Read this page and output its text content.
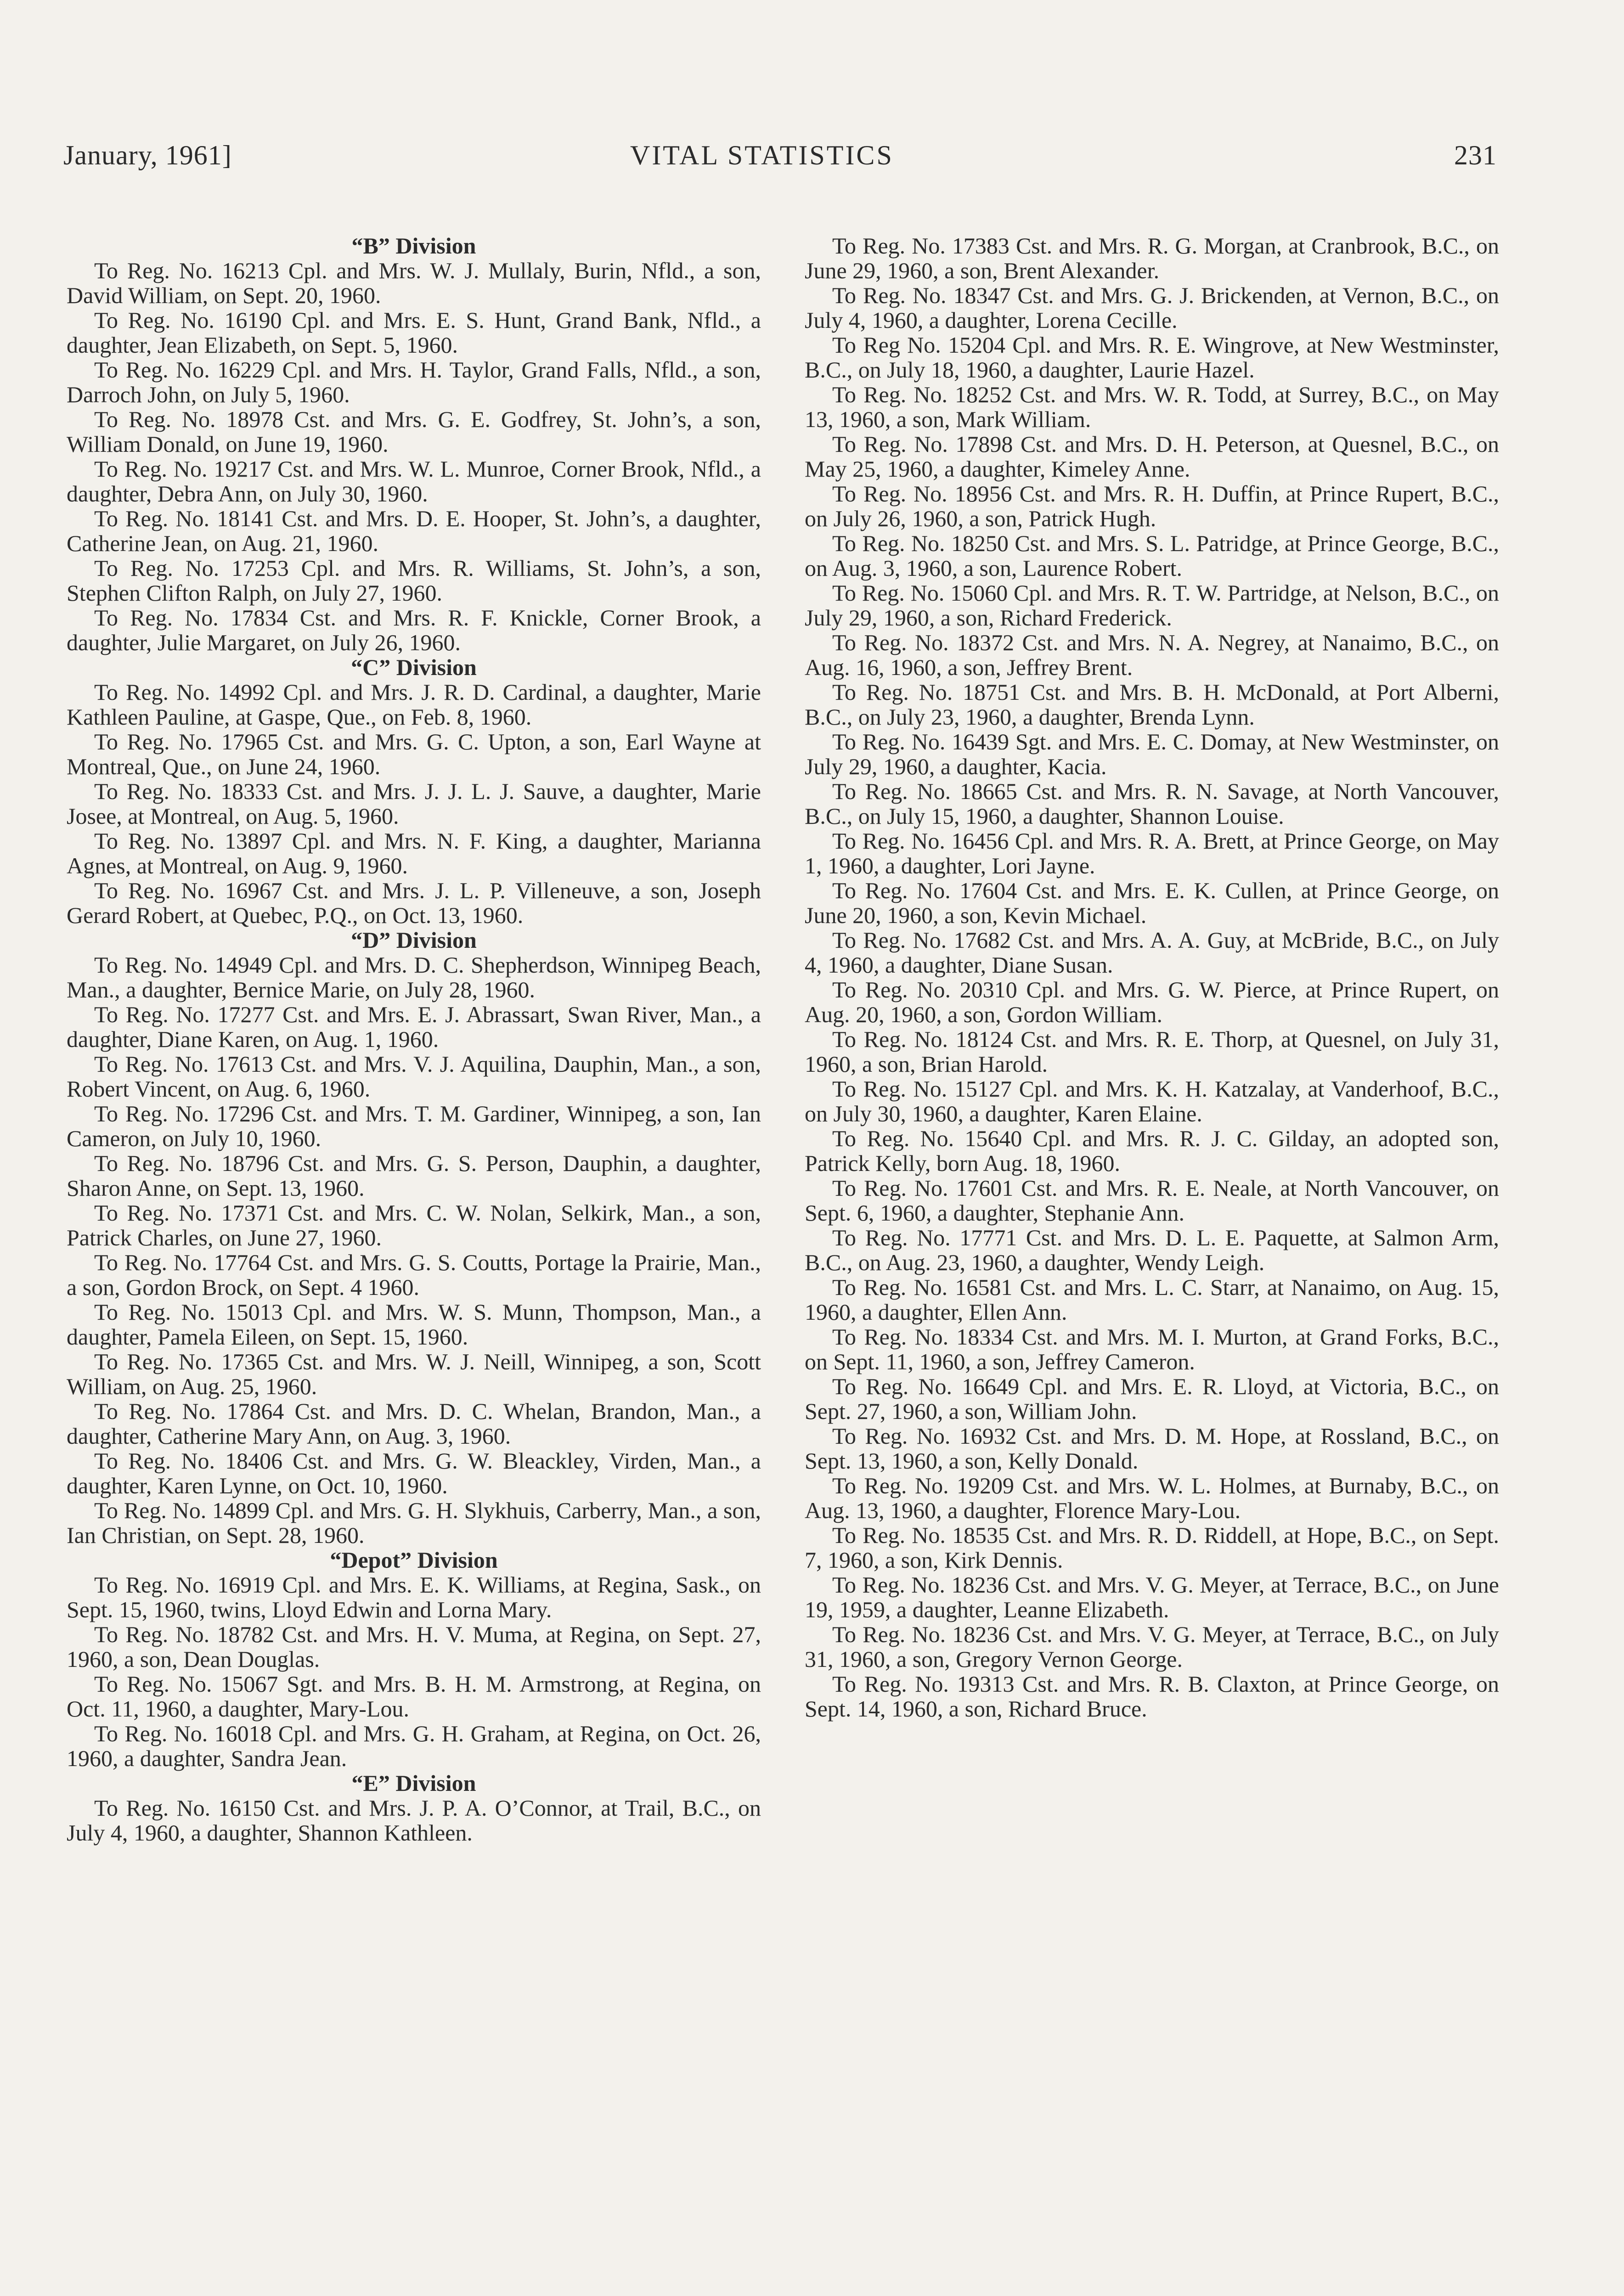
January, 1961]	VITAL STATISTICS	231
“B” Division

To Reg. No. 16213 Cpl. and Mrs. W. J. Mullaly, Burin, Nfld., a son, David William, on Sept. 20, 1960.

To Reg. No. 16190 Cpl. and Mrs. E. S. Hunt, Grand Bank, Nfld., a daughter, Jean Elizabeth, on Sept. 5, 1960.

To Reg. No. 16229 Cpl. and Mrs. H. Taylor, Grand Falls, Nfld., a son, Darroch John, on July 5, 1960.

To Reg. No. 18978 Cst. and Mrs. G. E. Godfrey, St. John’s, a son, William Donald, on June 19, 1960.

To Reg. No. 19217 Cst. and Mrs. W. L. Munroe, Corner Brook, Nfld., a daughter, Debra Ann, on July 30, 1960.

To Reg. No. 18141 Cst. and Mrs. D. E. Hooper, St. John’s, a daughter, Catherine Jean, on Aug. 21, 1960.

To Reg. No. 17253 Cpl. and Mrs. R. Williams, St. John’s, a son, Stephen Clifton Ralph, on July 27, 1960.

To Reg. No. 17834 Cst. and Mrs. R. F. Knickle, Corner Brook, a daughter, Julie Margaret, on July 26, 1960.

“C” Division

To Reg. No. 14992 Cpl. and Mrs. J. R. D. Cardinal, a daughter, Marie Kathleen Pauline, at Gaspe, Que., on Feb. 8, 1960.

To Reg. No. 17965 Cst. and Mrs. G. C. Upton, a son, Earl Wayne at Montreal, Que., on June 24, 1960.

To Reg. No. 18333 Cst. and Mrs. J. J. L. J. Sauve, a daughter, Marie Josee, at Montreal, on Aug. 5, 1960.

To Reg. No. 13897 Cpl. and Mrs. N. F. King, a daughter, Marianna Agnes, at Montreal, on Aug. 9, 1960.

To Reg. No. 16967 Cst. and Mrs. J. L. P. Villeneuve, a son, Joseph Gerard Robert, at Quebec, P.Q., on Oct. 13, 1960.

“D” Division

To Reg. No. 14949 Cpl. and Mrs. D. C. Shepherdson, Winnipeg Beach, Man., a daughter, Bernice Marie, on July 28, 1960.

To Reg. No. 17277 Cst. and Mrs. E. J. Abrassart, Swan River, Man., a daughter, Diane Karen, on Aug. 1, 1960.

To Reg. No. 17613 Cst. and Mrs. V. J. Aquilina, Dauphin, Man., a son, Robert Vincent, on Aug. 6, 1960.

To Reg. No. 17296 Cst. and Mrs. T. M. Gardiner, Winnipeg, a son, Ian Cameron, on July 10, 1960.

To Reg. No. 18796 Cst. and Mrs. G. S. Person, Dauphin, a daughter, Sharon Anne, on Sept. 13, 1960.

To Reg. No. 17371 Cst. and Mrs. C. W. Nolan, Selkirk, Man., a son, Patrick Charles, on June 27, 1960.

To Reg. No. 17764 Cst. and Mrs. G. S. Coutts, Portage la Prairie, Man., a son, Gordon Brock, on Sept. 4 1960.

To Reg. No. 15013 Cpl. and Mrs. W. S. Munn, Thompson, Man., a daughter, Pamela Eileen, on Sept. 15, 1960.

To Reg. No. 17365 Cst. and Mrs. W. J. Neill, Winnipeg, a son, Scott William, on Aug. 25, 1960.

To Reg. No. 17864 Cst. and Mrs. D. C. Whelan, Brandon, Man., a daughter, Catherine Mary Ann, on Aug. 3, 1960.

To Reg. No. 18406 Cst. and Mrs. G. W. Bleackley, Virden, Man., a daughter, Karen Lynne, on Oct. 10, 1960.

To Reg. No. 14899 Cpl. and Mrs. G. H. Slykhuis, Carberry, Man., a son, Ian Christian, on Sept. 28, 1960.

“Depot” Division

To Reg. No. 16919 Cpl. and Mrs. E. K. Williams, at Regina, Sask., on Sept. 15, 1960, twins, Lloyd Edwin and Lorna Mary.

To Reg. No. 18782 Cst. and Mrs. H. V. Muma, at Regina, on Sept. 27, 1960, a son, Dean Douglas.

To Reg. No. 15067 Sgt. and Mrs. B. H. M. Armstrong, at Regina, on Oct. 11, 1960, a daughter, Mary-Lou.

To Reg. No. 16018 Cpl. and Mrs. G. H. Graham, at Regina, on Oct. 26, 1960, a daughter, Sandra Jean.

“E” Division

To Reg. No. 16150 Cst. and Mrs. J. P. A. O’Connor, at Trail, B.C., on July 4, 1960, a daughter, Shannon Kathleen.

To Reg. No. 17383 Cst. and Mrs. R. G. Morgan, at Cranbrook, B.C., on June 29, 1960, a son, Brent Alexander.

To Reg. No. 18347 Cst. and Mrs. G. J. Brickenden, at Vernon, B.C., on July 4, 1960, a daughter, Lorena Cecille.

To Reg No. 15204 Cpl. and Mrs. R. E. Wingrove, at New Westminster, B.C., on July 18, 1960, a daughter, Laurie Hazel.

To Reg. No. 18252 Cst. and Mrs. W. R. Todd, at Surrey, B.C., on May 13, 1960, a son, Mark William.

To Reg. No. 17898 Cst. and Mrs. D. H. Peterson, at Quesnel, B.C., on May 25, 1960, a daughter, Kimeley Anne.

To Reg. No. 18956 Cst. and Mrs. R. H. Duffin, at Prince Rupert, B.C., on July 26, 1960, a son, Patrick Hugh.

To Reg. No. 18250 Cst. and Mrs. S. L. Patridge, at Prince George, B.C., on Aug. 3, 1960, a son, Laurence Robert.

To Reg. No. 15060 Cpl. and Mrs. R. T. W. Partridge, at Nelson, B.C., on July 29, 1960, a son, Richard Frederick.

To Reg. No. 18372 Cst. and Mrs. N. A. Negrey, at Nanaimo, B.C., on Aug. 16, 1960, a son, Jeffrey Brent.

To Reg. No. 18751 Cst. and Mrs. B. H. McDonald, at Port Alberni, B.C., on July 23, 1960, a daughter, Brenda Lynn.

To Reg. No. 16439 Sgt. and Mrs. E. C. Domay, at New Westminster, on July 29, 1960, a daughter, Kacia.

To Reg. No. 18665 Cst. and Mrs. R. N. Savage, at North Vancouver, B.C., on July 15, 1960, a daughter, Shannon Louise.

To Reg. No. 16456 Cpl. and Mrs. R. A. Brett, at Prince George, on May 1, 1960, a daughter, Lori Jayne.

To Reg. No. 17604 Cst. and Mrs. E. K. Cullen, at Prince George, on June 20, 1960, a son, Kevin Michael.

To Reg. No. 17682 Cst. and Mrs. A. A. Guy, at McBride, B.C., on July 4, 1960, a daughter, Diane Susan.

To Reg. No. 20310 Cpl. and Mrs. G. W. Pierce, at Prince Rupert, on Aug. 20, 1960, a son, Gordon William.

To Reg. No. 18124 Cst. and Mrs. R. E. Thorp, at Quesnel, on July 31, 1960, a son, Brian Harold.

To Reg. No. 15127 Cpl. and Mrs. K. H. Katzalay, at Vanderhoof, B.C., on July 30, 1960, a daughter, Karen Elaine.

To Reg. No. 15640 Cpl. and Mrs. R. J. C. Gilday, an adopted son, Patrick Kelly, born Aug. 18, 1960.

To Reg. No. 17601 Cst. and Mrs. R. E. Neale, at North Vancouver, on Sept. 6, 1960, a daughter, Stephanie Ann.

To Reg. No. 17771 Cst. and Mrs. D. L. E. Paquette, at Salmon Arm, B.C., on Aug. 23, 1960, a daughter, Wendy Leigh.

To Reg. No. 16581 Cst. and Mrs. L. C. Starr, at Nanaimo, on Aug. 15, 1960, a daughter, Ellen Ann.

To Reg. No. 18334 Cst. and Mrs. M. I. Murton, at Grand Forks, B.C., on Sept. 11, 1960, a son, Jeffrey Cameron.

To Reg. No. 16649 Cpl. and Mrs. E. R. Lloyd, at Victoria, B.C., on Sept. 27, 1960, a son, William John.

To Reg. No. 16932 Cst. and Mrs. D. M. Hope, at Rossland, B.C., on Sept. 13, 1960, a son, Kelly Donald.

To Reg. No. 19209 Cst. and Mrs. W. L. Holmes, at Burnaby, B.C., on Aug. 13, 1960, a daughter, Florence Mary-Lou.

To Reg. No. 18535 Cst. and Mrs. R. D. Riddell, at Hope, B.C., on Sept. 7, 1960, a son, Kirk Dennis.

To Reg. No. 18236 Cst. and Mrs. V. G. Meyer, at Terrace, B.C., on June 19, 1959, a daughter, Leanne Elizabeth.

To Reg. No. 18236 Cst. and Mrs. V. G. Meyer, at Terrace, B.C., on July 31, 1960, a son, Gregory Vernon George.

To Reg. No. 19313 Cst. and Mrs. R. B. Claxton, at Prince George, on Sept. 14, 1960, a son, Richard Bruce.
